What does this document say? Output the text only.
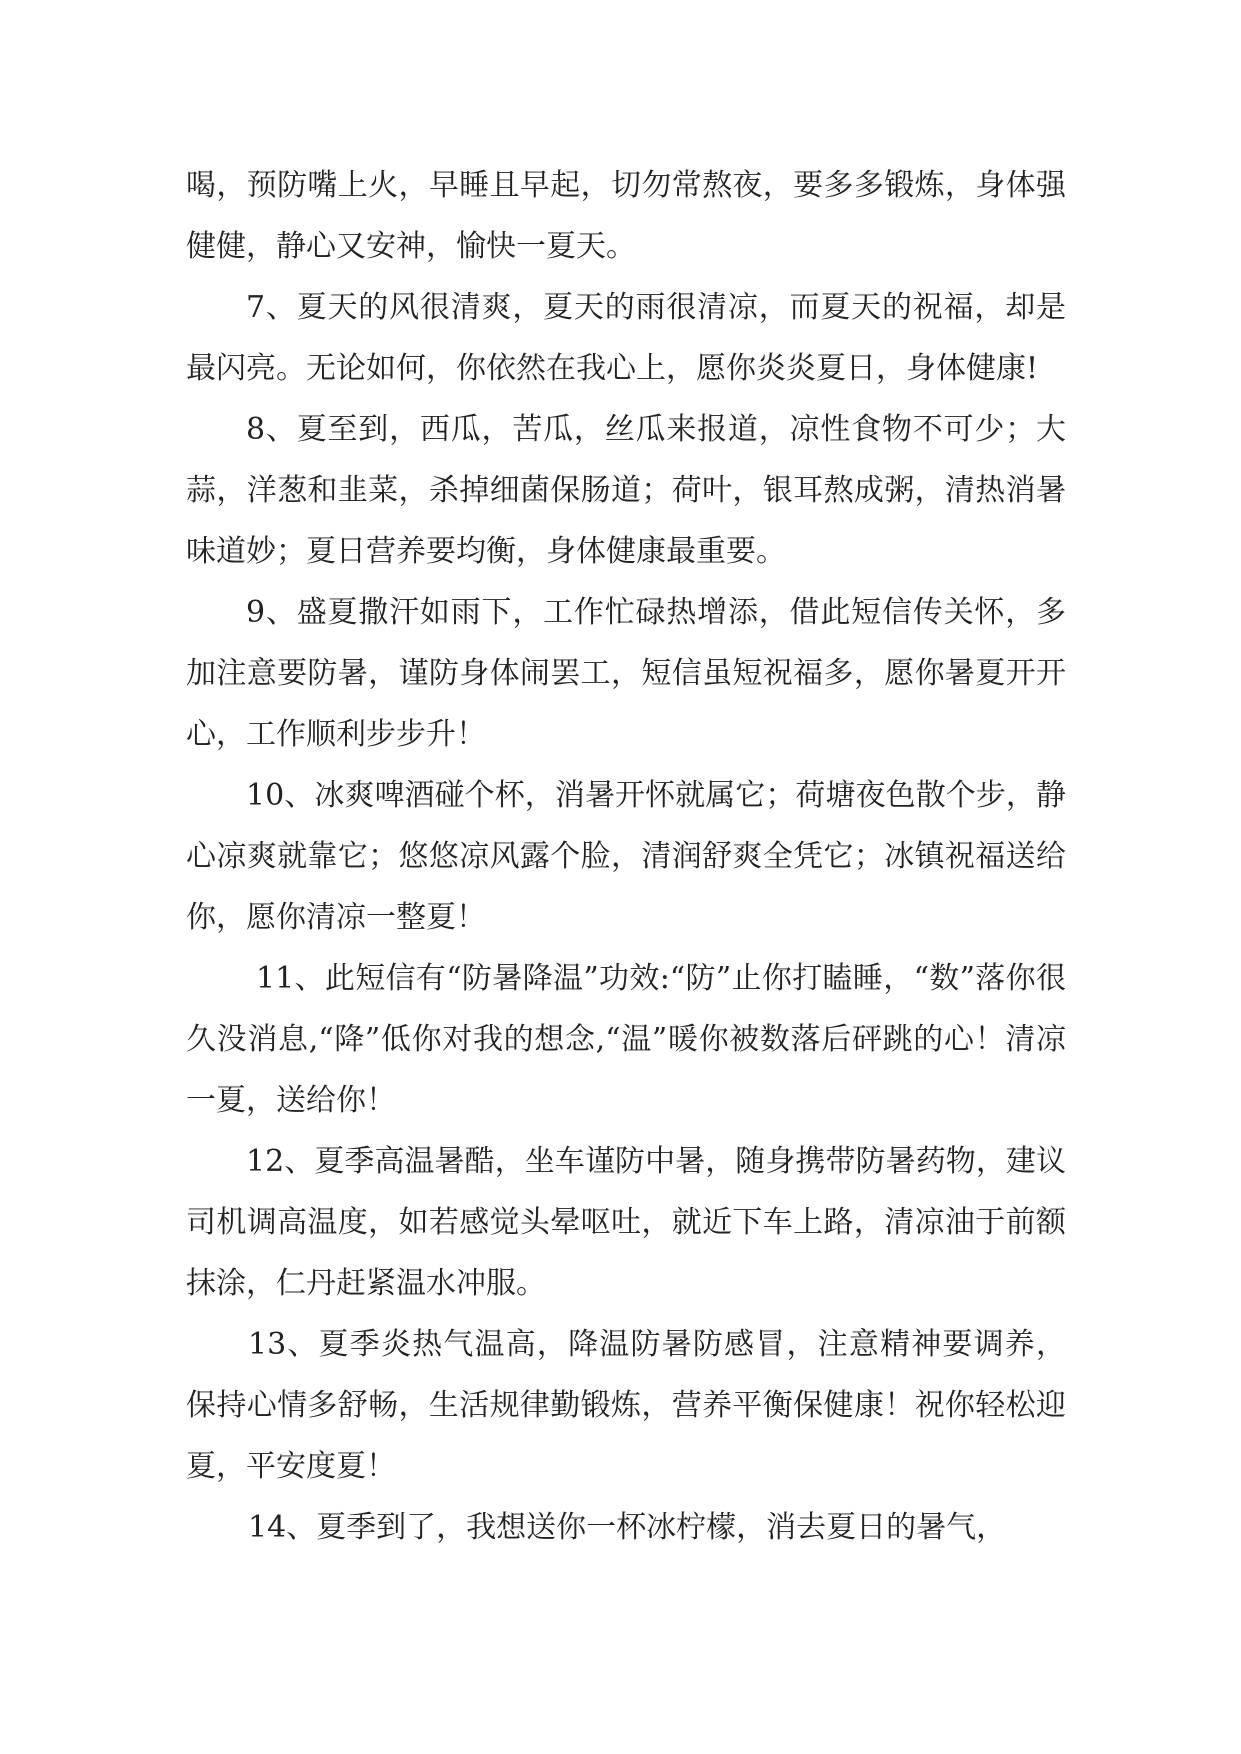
喝，预防嘴上火，早睡且早起，切勿常熬夜，要多多锻炼，身体强健健，静心又安神，愉快一夏天。

7、夏天的风很清爽，夏天的雨很清凉，而夏天的祝福，却是最闪亮。无论如何，你依然在我心上，愿你炎炎夏日，身体健康!

8、夏至到，西瓜，苦瓜，丝瓜来报道，凉性食物不可少；大蒜，洋葱和韭菜，杀掉细菌保肠道；荷叶，银耳熬成粥，清热消暑味道妙；夏日营养要均衡，身体健康最重要。

9、盛夏撒汗如雨下，工作忙碌热增添，借此短信传关怀，多加注意要防暑，谨防身体闹罢工，短信虽短祝福多，愿你暑夏开开心，工作顺利步步升！

10、冰爽啤酒碰个杯，消暑开怀就属它；荷塘夜色散个步，静心凉爽就靠它；悠悠凉风露个脸，清润舒爽全凭它；冰镇祝福送给你，愿你清凉一整夏！

11、此短信有“防暑降温”功效:“防”止你打瞌睡，“数”落你很久没消息,“降”低你对我的想念,“温”暖你被数落后砰跳的心！清凉一夏，送给你！

12、夏季高温暑酷，坐车谨防中暑，随身携带防暑药物，建议司机调高温度，如若感觉头晕呕吐，就近下车上路，清凉油于前额抹涂，仁丹赶紧温水冲服。

13、夏季炎热气温高，降温防暑防感冒，注意精神要调养，保持心情多舒畅，生活规律勤锻炼，营养平衡保健康！祝你轻松迎夏，平安度夏！

14、夏季到了，我想送你一杯冰柠檬，消去夏日的暑气，
